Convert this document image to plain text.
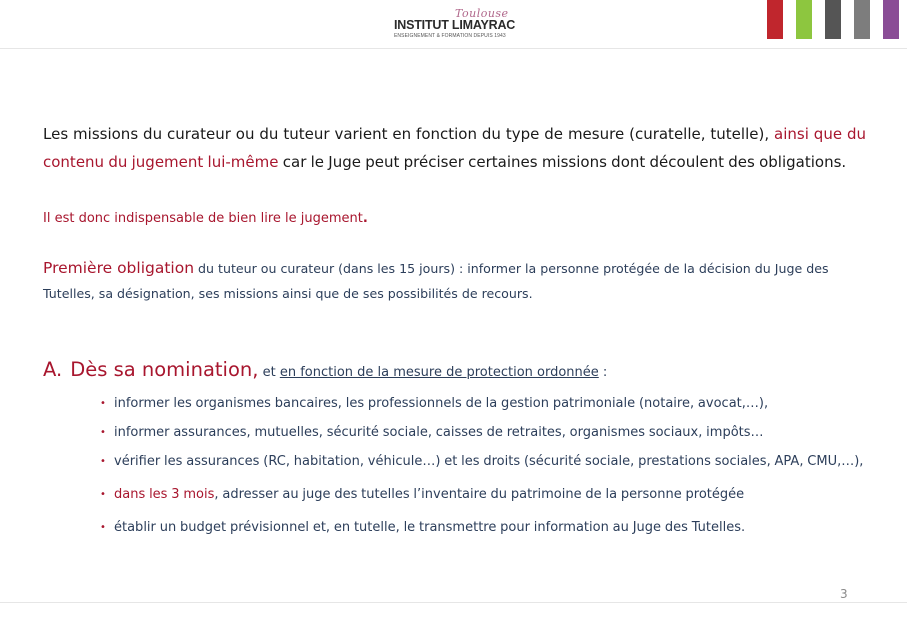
Toulouse
INSTITUT LIMAYRAC
ENSEIGNEMENT & FORMATION DEPUIS 1943
Les missions du curateur ou du tuteur varient en fonction du type de mesure (curatelle, tutelle), ainsi que du contenu du jugement lui-même car le Juge peut préciser certaines missions dont découlent des obligations.
Il est donc indispensable de bien lire le jugement.
Première obligation du tuteur ou curateur (dans les 15 jours) : informer la personne protégée de la décision du Juge des Tutelles, sa désignation, ses missions ainsi que de ses possibilités de recours.
A. Dès sa nomination, et en fonction de la mesure de protection ordonnée :
• informer les organismes bancaires, les professionnels de la gestion patrimoniale (notaire, avocat,…),
• informer assurances, mutuelles, sécurité sociale, caisses de retraites, organismes sociaux, impôts…
• vérifier les assurances (RC, habitation, véhicule…) et les droits (sécurité sociale, prestations sociales, APA, CMU,…),
• dans les 3 mois, adresser au juge des tutelles l’inventaire du patrimoine de la personne protégée
• établir un budget prévisionnel et, en tutelle, le transmettre pour information au Juge des Tutelles.
3
